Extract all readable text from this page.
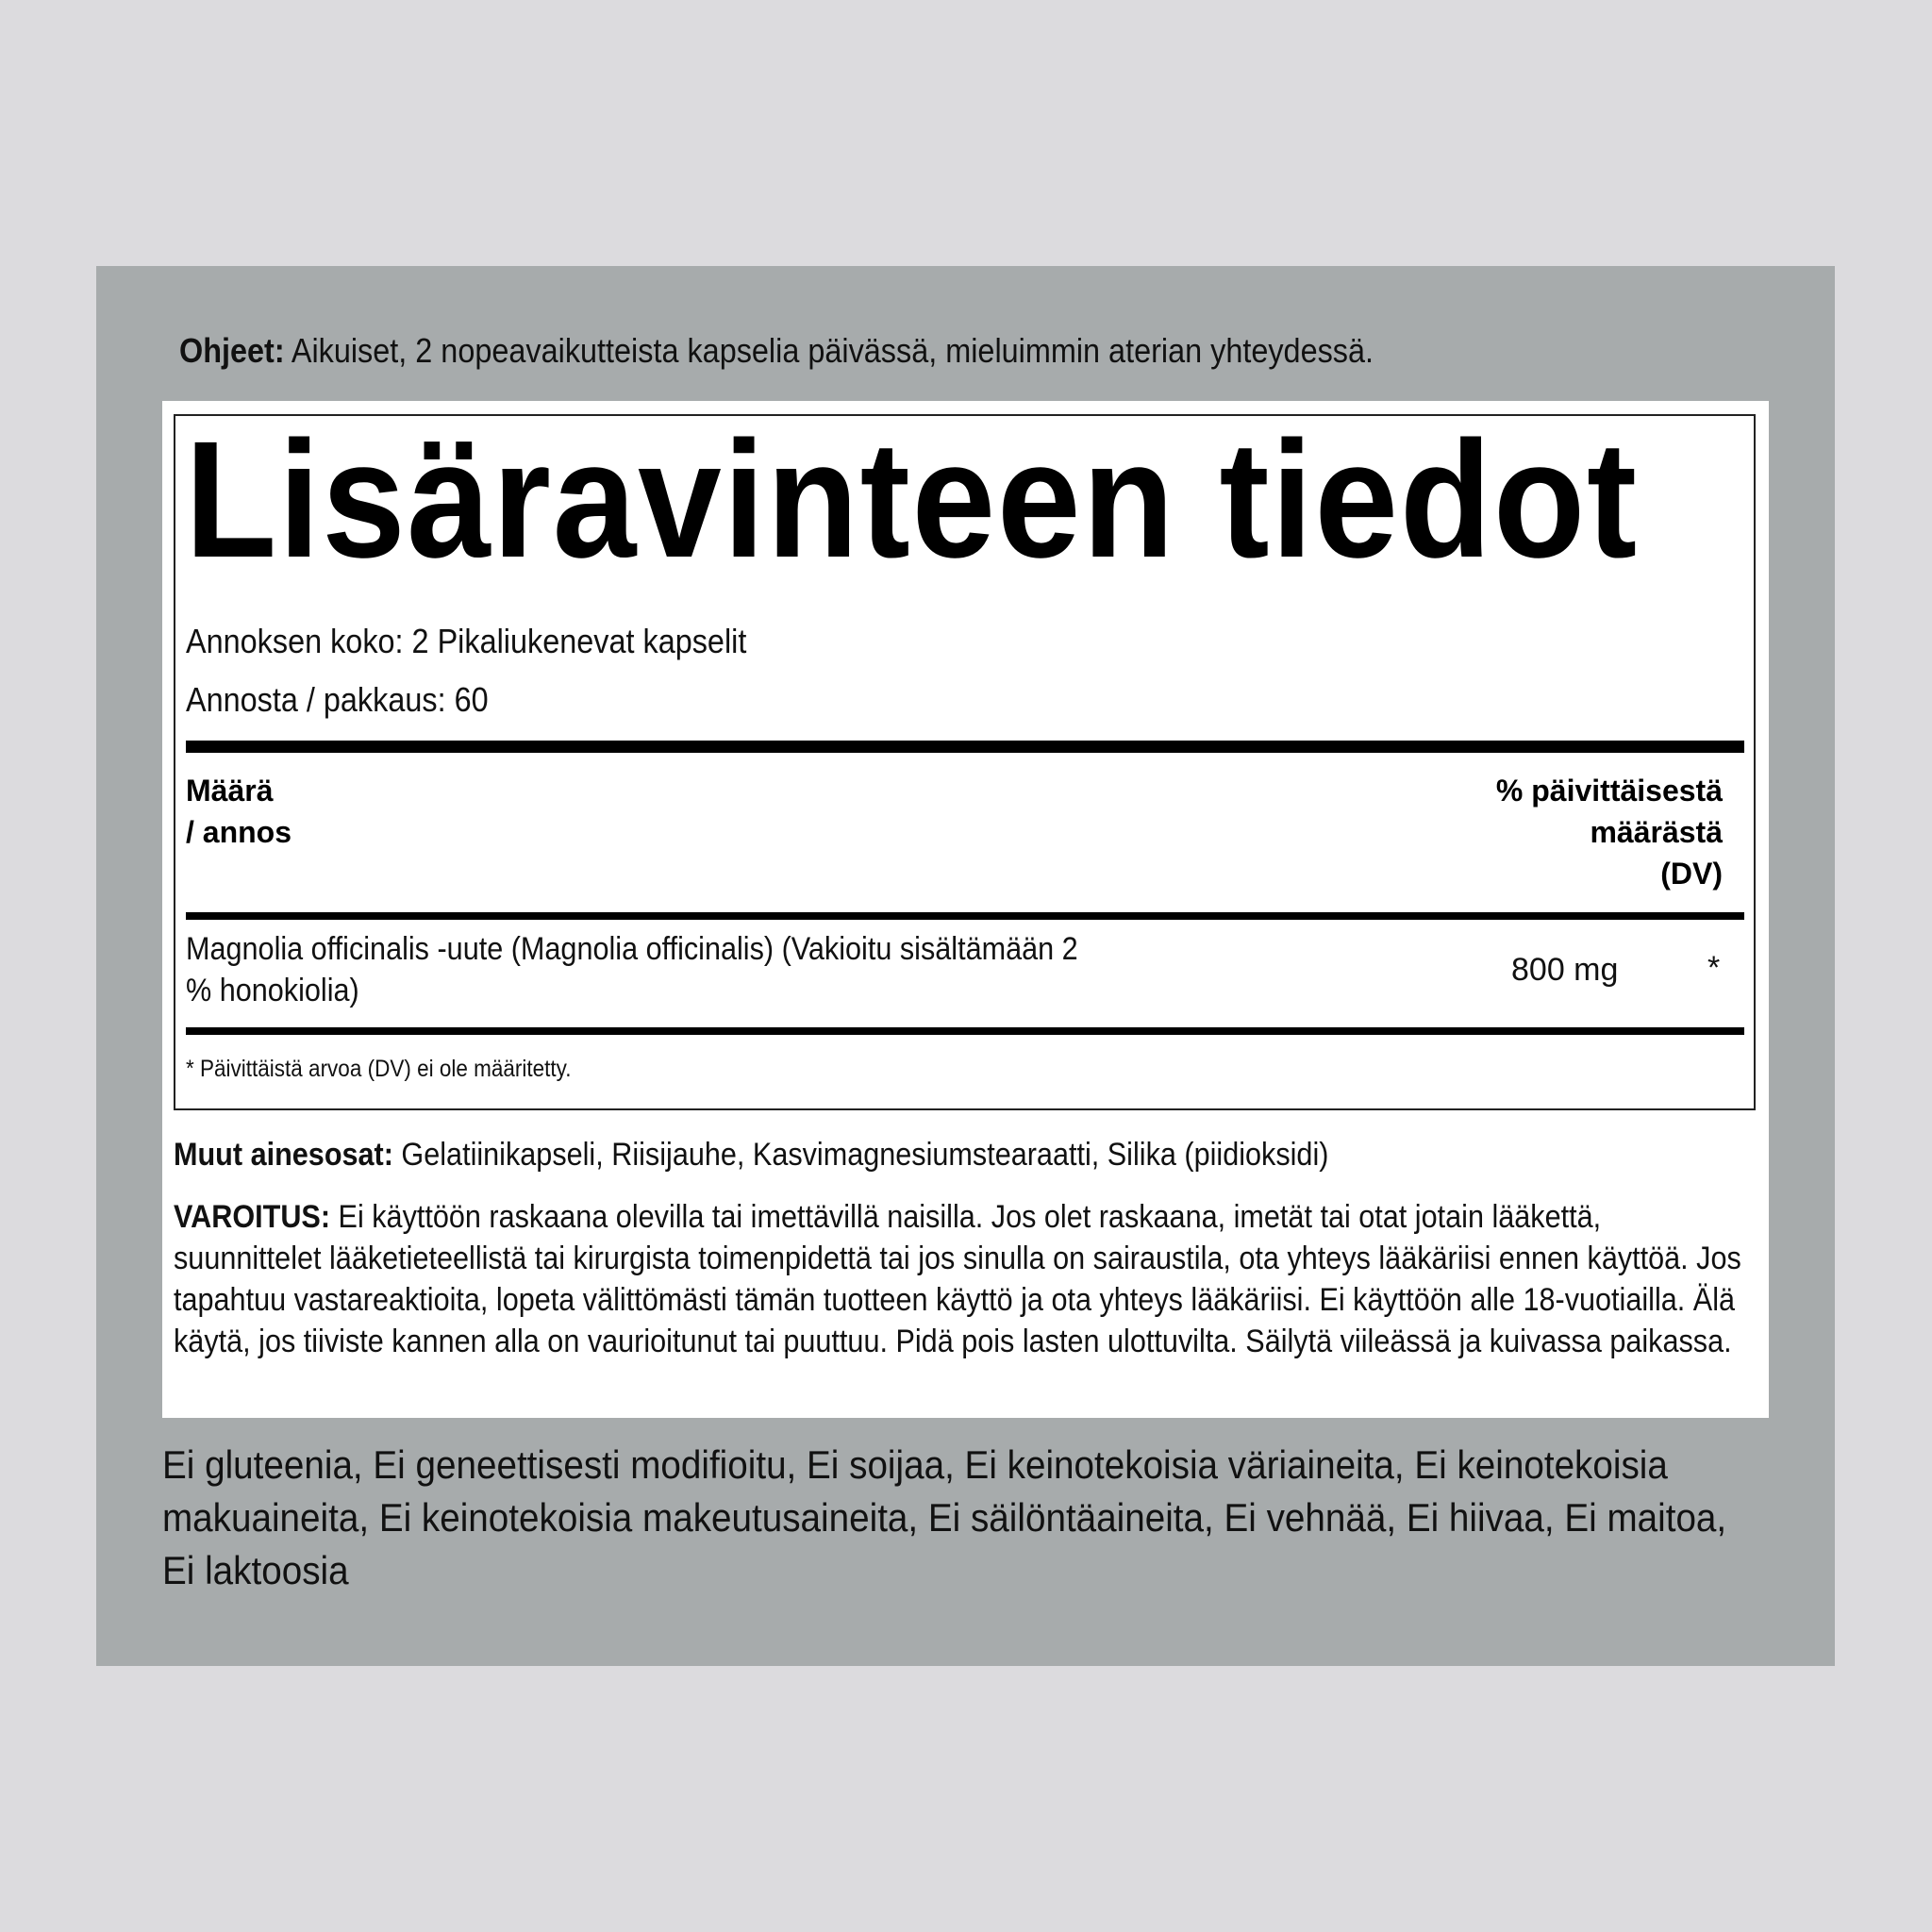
Ohjeet: Aikuiset, 2 nopeavaikutteista kapselia päivässä, mieluimmin aterian yhteydessä.
Lisäravinteen tiedot
Annoksen koko: 2 Pikaliukenevat kapselit
Annosta / pakkaus: 60
Määrä
/ annos
% päivittäisestä
määrästä
(DV)
Magnolia officinalis -uute (Magnolia officinalis) (Vakioitu sisältämään 2 % honokiolia)
800 mg	*
* Päivittäistä arvoa (DV) ei ole määritetty.
Muut ainesosat: Gelatiinikapseli, Riisijauhe, Kasvimagnesiumstearaatti, Silika (piidioksidi)
VAROITUS: Ei käyttöön raskaana olevilla tai imettävillä naisilla. Jos olet raskaana, imetät tai otat jotain lääkettä, suunnittelet lääketieteellistä tai kirurgista toimenpidettä tai jos sinulla on sairaustila, ota yhteys lääkäriisi ennen käyttöä. Jos tapahtuu vastareaktioita, lopeta välittömästi tämän tuotteen käyttö ja ota yhteys lääkäriisi. Ei käyttöön alle 18-vuotiailla. Älä käytä, jos tiiviste kannen alla on vaurioitunut tai puuttuu. Pidä pois lasten ulottuvilta. Säilytä viileässä ja kuivassa paikassa.
Ei gluteenia, Ei geneettisesti modifioitu, Ei soijaa, Ei keinotekoisia väriaineita, Ei keinotekoisia makuaineita, Ei keinotekoisia makeutusaineita, Ei säilöntäaineita, Ei vehnää, Ei hiivaa, Ei maitoa, Ei laktoosia
